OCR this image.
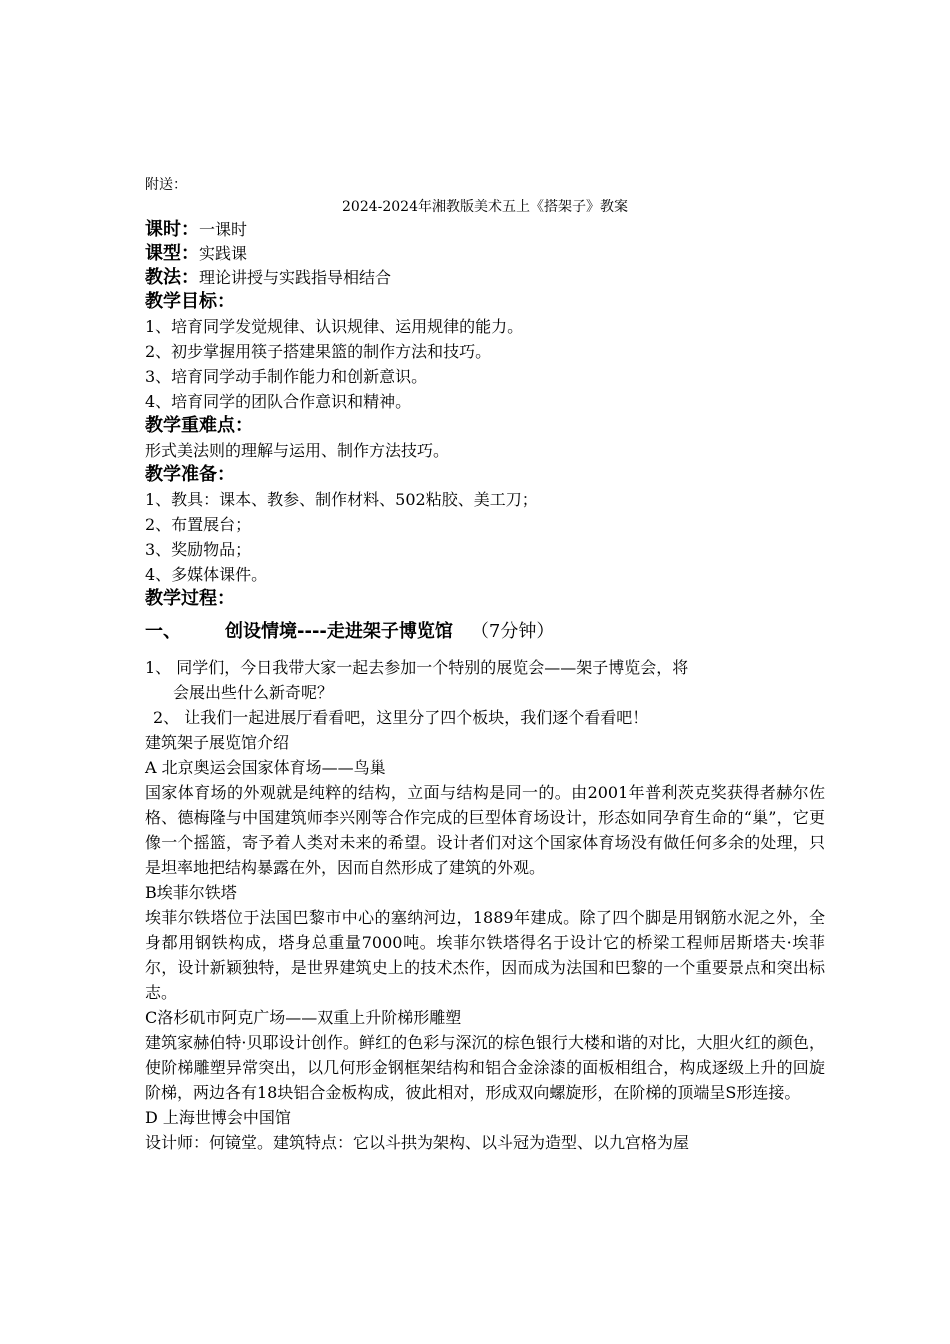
附送：
2024-2024年湘教版美术五上《搭架子》教案
课时：一课时
课型：实践课
教法：理论讲授与实践指导相结合
教学目标：
1、培育同学发觉规律、认识规律、运用规律的能力。
2、初步掌握用筷子搭建果篮的制作方法和技巧。
3、培育同学动手制作能力和创新意识。
4、培育同学的团队合作意识和精神。
教学重难点：
形式美法则的理解与运用、制作方法技巧。
教学准备：
1、教具：课本、教参、制作材料、502粘胶、美工刀；
2、布置展台；
3、奖励物品；
4、多媒体课件。
教学过程：
一、 创设情境----走进架子博览馆 （7分钟）
1、 同学们，今日我带大家一起去参加一个特别的展览会——架子博览会，将
会展出些什么新奇呢？
2、 让我们一起进展厅看看吧，这里分了四个板块，我们逐个看看吧！
建筑架子展览馆介绍
A 北京奥运会国家体育场——鸟巢
国家体育场的外观就是纯粹的结构，立面与结构是同一的。由2001年普利茨克奖获得者赫尔佐格、德梅隆与中国建筑师李兴刚等合作完成的巨型体育场设计，形态如同孕育生命的“巢”，它更像一个摇篮，寄予着人类对未来的希望。设计者们对这个国家体育场没有做任何多余的处理，只是坦率地把结构暴露在外，因而自然形成了建筑的外观。
B埃菲尔铁塔
埃菲尔铁塔位于法国巴黎市中心的塞纳河边，1889年建成。除了四个脚是用钢筋水泥之外，全身都用钢铁构成，塔身总重量7000吨。埃菲尔铁塔得名于设计它的桥梁工程师居斯塔夫·埃菲尔，设计新颖独特，是世界建筑史上的技术杰作，因而成为法国和巴黎的一个重要景点和突出标志。
C洛杉矶市阿克广场——双重上升阶梯形雕塑
建筑家赫伯特·贝耶设计创作。鲜红的色彩与深沉的棕色银行大楼和谐的对比，大胆火红的颜色，使阶梯雕塑异常突出，以几何形金钢框架结构和铝合金涂漆的面板相组合，构成逐级上升的回旋阶梯，两边各有18块铝合金板构成，彼此相对，形成双向螺旋形，在阶梯的顶端呈S形连接。
D 上海世博会中国馆
设计师：何镜堂。建筑特点：它以斗拱为架构、以斗冠为造型、以九宫格为屋
